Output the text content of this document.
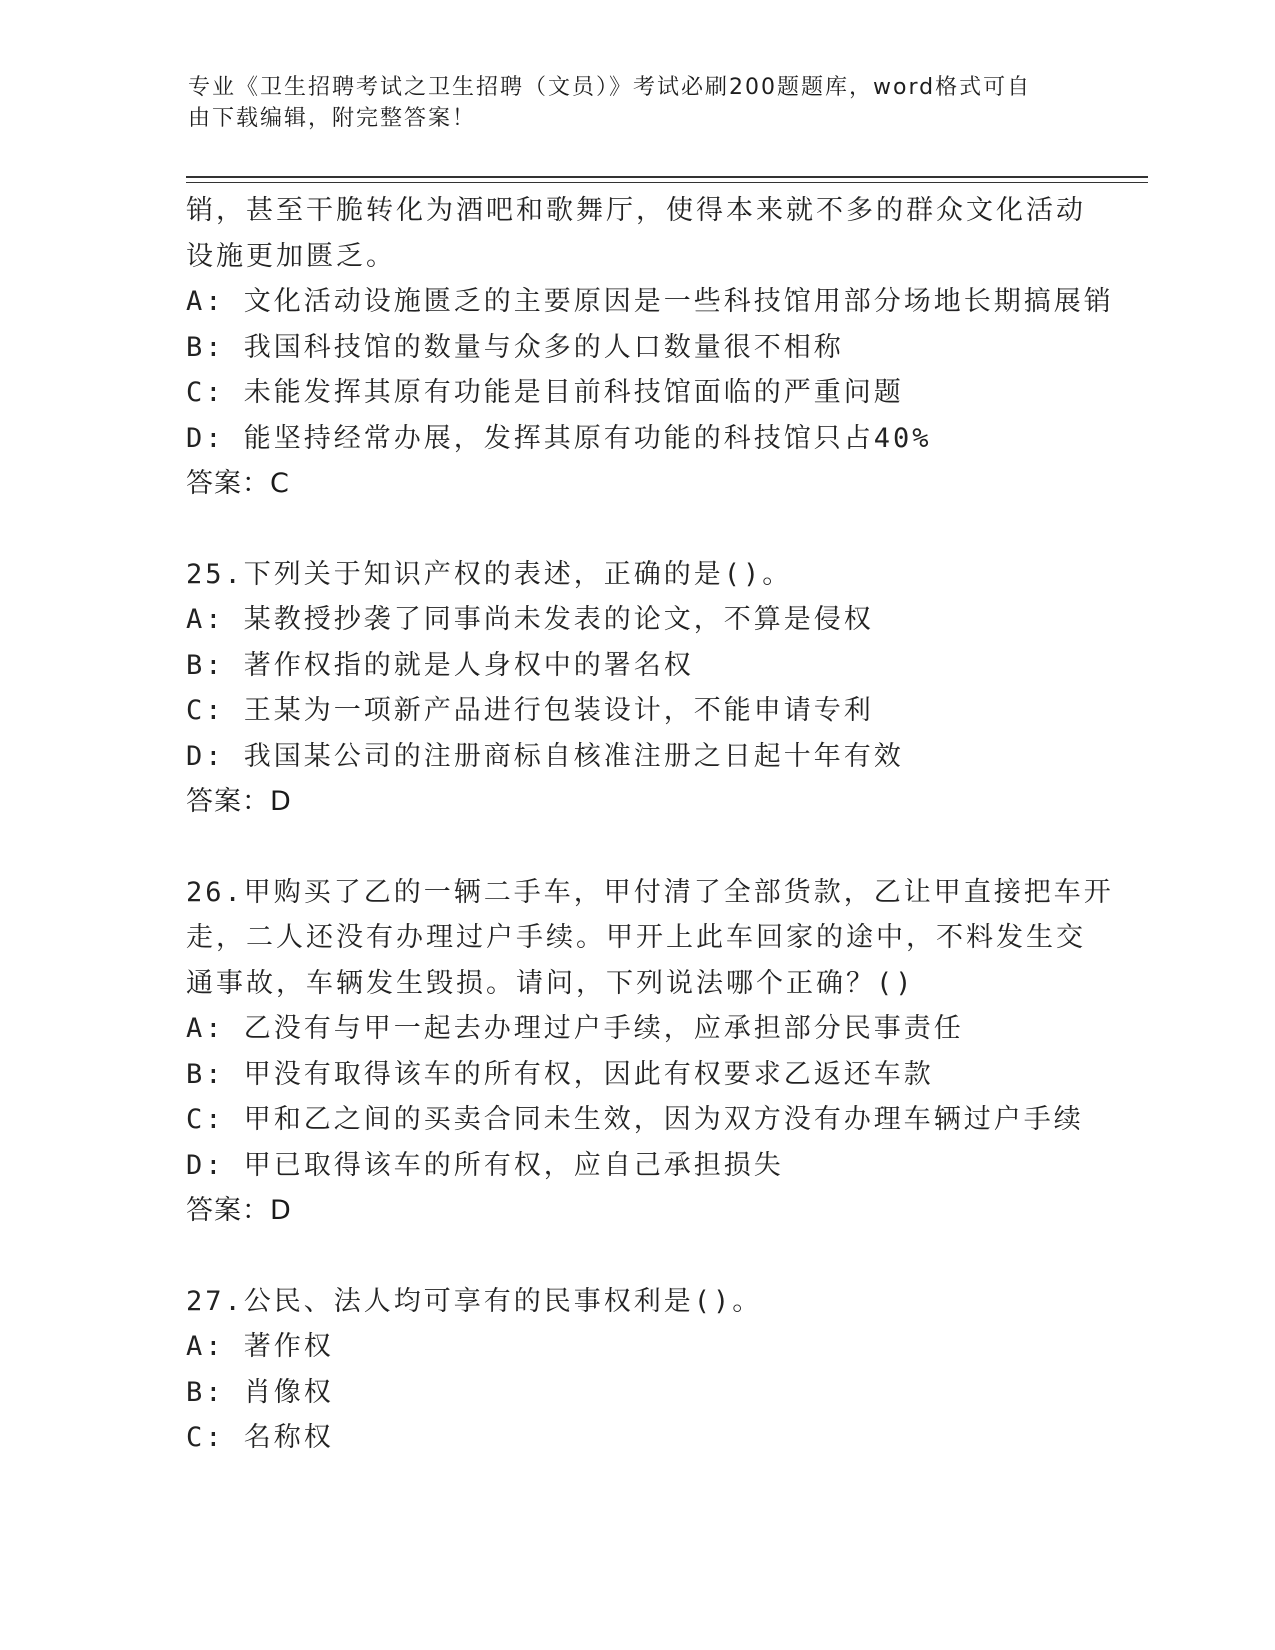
专业《卫生招聘考试之卫生招聘（文员）》考试必刷200题题库，word格式可自
由下载编辑，附完整答案！
销，甚至干脆转化为酒吧和歌舞厅，使得本来就不多的群众文化活动
设施更加匮乏。
A: 文化活动设施匮乏的主要原因是一些科技馆用部分场地长期搞展销
B: 我国科技馆的数量与众多的人口数量很不相称
C: 未能发挥其原有功能是目前科技馆面临的严重问题
D: 能坚持经常办展，发挥其原有功能的科技馆只占40%
答案：C
25.下列关于知识产权的表述，正确的是()。
A: 某教授抄袭了同事尚未发表的论文，不算是侵权
B: 著作权指的就是人身权中的署名权
C: 王某为一项新产品进行包装设计，不能申请专利
D: 我国某公司的注册商标自核准注册之日起十年有效
答案：D
26.甲购买了乙的一辆二手车，甲付清了全部货款，乙让甲直接把车开
走，二人还没有办理过户手续。甲开上此车回家的途中，不料发生交
通事故，车辆发生毁损。请问，下列说法哪个正确？()
A: 乙没有与甲一起去办理过户手续，应承担部分民事责任
B: 甲没有取得该车的所有权，因此有权要求乙返还车款
C: 甲和乙之间的买卖合同未生效，因为双方没有办理车辆过户手续
D: 甲已取得该车的所有权，应自己承担损失
答案：D
27.公民、法人均可享有的民事权利是()。
A: 著作权
B: 肖像权
C: 名称权
